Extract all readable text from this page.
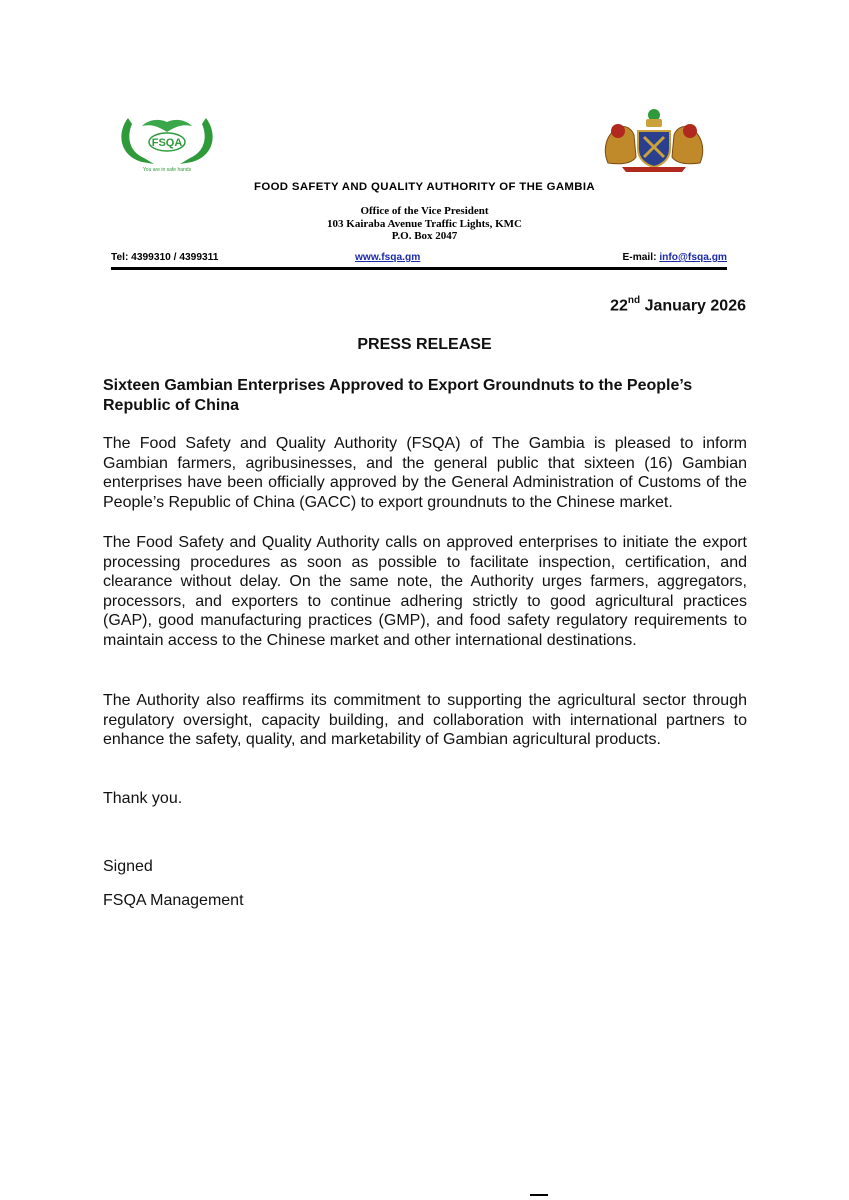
FSQA
You are in safe hands
FOOD SAFETY AND QUALITY AUTHORITY OF THE GAMBIA
Office of the Vice President
103 Kairaba Avenue Traffic Lights, KMC
P.O. Box 2047
Tel: 4399310 / 4399311	www.fsqa.gm	E-mail: info@fsqa.gm
22nd January 2026
PRESS RELEASE
Sixteen Gambian Enterprises Approved to Export Groundnuts to the People’s Republic of China
The Food Safety and Quality Authority (FSQA) of The Gambia is pleased to inform Gambian farmers, agribusinesses, and the general public that sixteen (16) Gambian enterprises have been officially approved by the General Administration of Customs of the People’s Republic of China (GACC) to export groundnuts to the Chinese market.
The Food Safety and Quality Authority calls on approved enterprises to initiate the export processing procedures as soon as possible to facilitate inspection, certification, and clearance without delay. On the same note, the Authority urges farmers, aggregators, processors, and exporters to continue adhering strictly to good agricultural practices (GAP), good manufacturing practices (GMP), and food safety regulatory requirements to maintain access to the Chinese market and other international destinations.
The Authority also reaffirms its commitment to supporting the agricultural sector through regulatory oversight, capacity building, and collaboration with international partners to enhance the safety, quality, and marketability of Gambian agricultural products.
Thank you.
Signed
FSQA Management
